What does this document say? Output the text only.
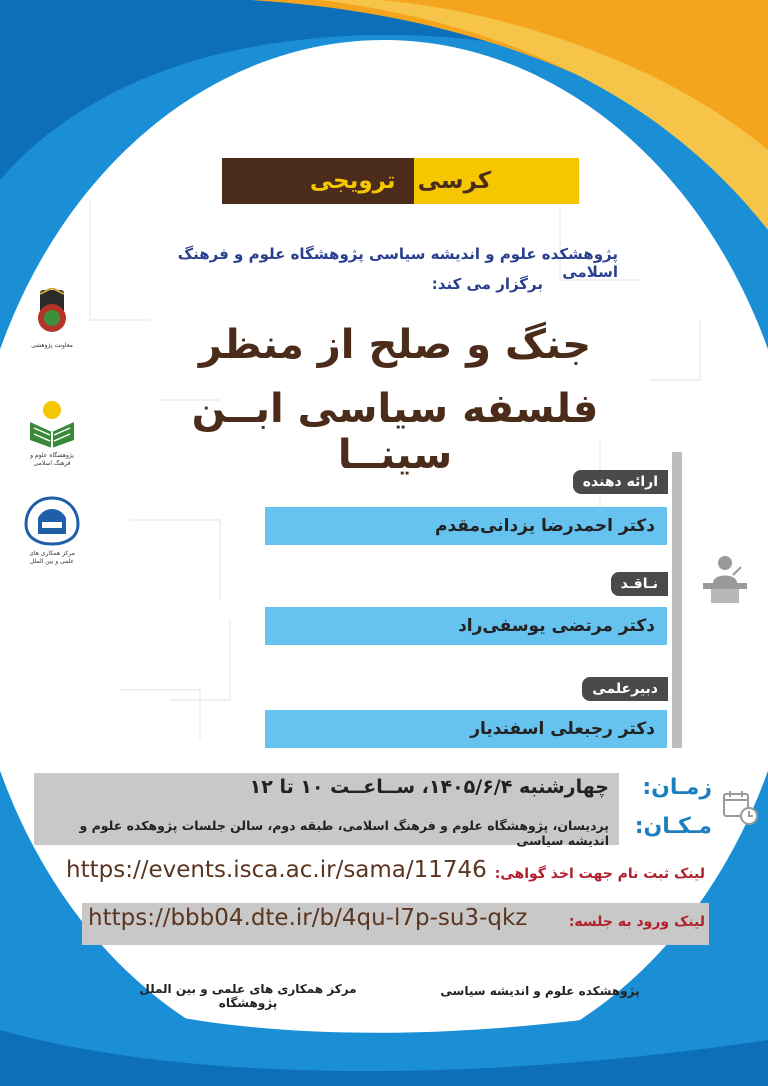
کرسی
ترویجی
پژوهشکده علوم و اندیشه سیاسی پژوهشگاه علوم و فرهنگ اسلامی
برگزار می کند:
جنگ و صلح از منظر
فلسفه سیاسی ابــن سینــا
معاونت پژوهشی
پژوهشگاه علوم و فرهنگ اسلامی
مرکز همکاری های علمی و بین الملل
ارائه دهنده
دکتر احمدرضا یزدانی‌مقدم
نـاقـد
دکتر مرتضی یوسفی‌راد
دبیرعلمی
دکتر رجبعلی اسفندیار
چهارشنبه ۱۴۰۵/۶/۴، ســاعــت ۱۰ تا ۱۲
پردیسان، پژوهشگاه علوم و فرهنگ اسلامی، طبقه دوم، سالن جلسات پژوهکده علوم و اندیشه سیاسی
زمـان:
مـکـان:
لینک ثبت نام جهت اخذ گواهی:
https://events.isca.ac.ir/sama/11746
لینک ورود به جلسه:
https://bbb04.dte.ir/b/4qu-l7p-su3-qkz
مرکز همکاری های علمی و بین الملل پژوهشگاه
پژوهشکده علوم و اندیشه سیاسی
